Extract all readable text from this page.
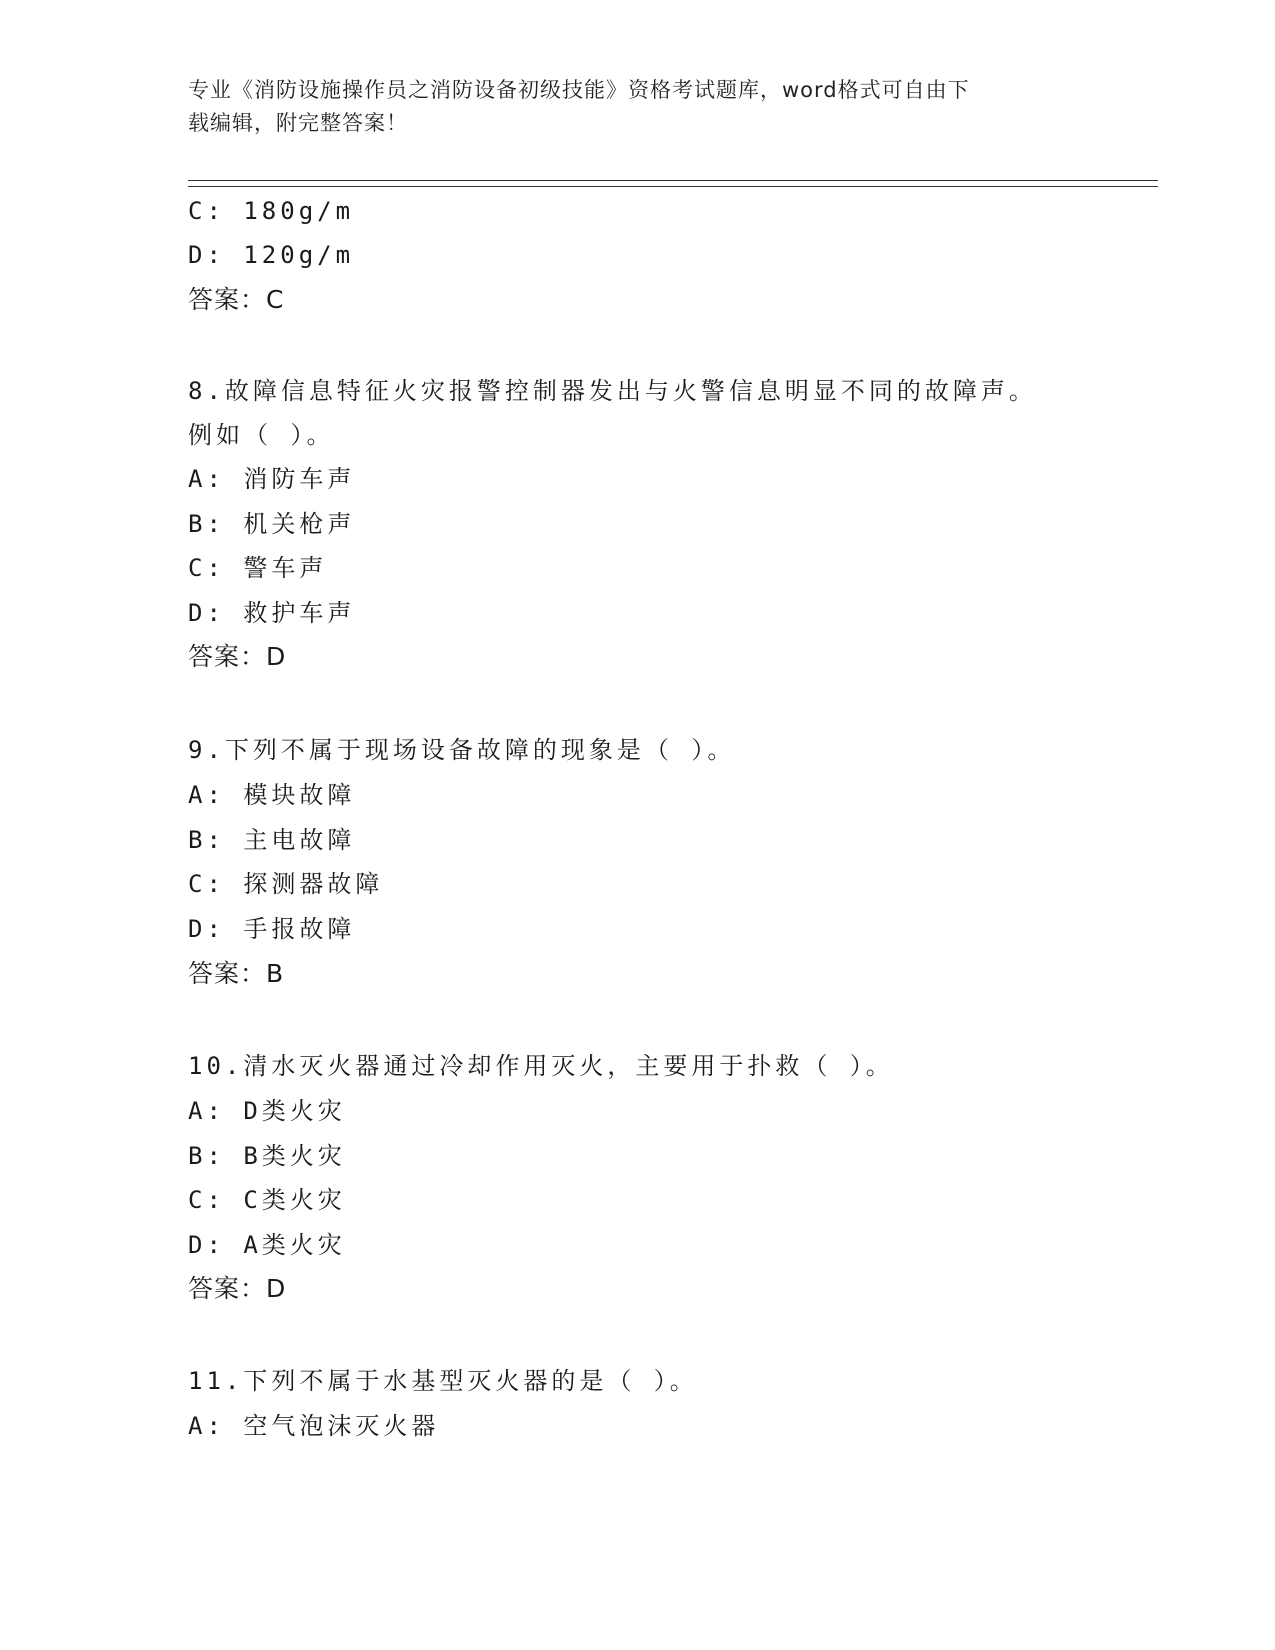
专业《消防设施操作员之消防设备初级技能》资格考试题库，word格式可自由下
载编辑，附完整答案！
C: 180g/m
D: 120g/m
答案：C
8.故障信息特征火灾报警控制器发出与火警信息明显不同的故障声。
例如（ ）。
A: 消防车声
B: 机关枪声
C: 警车声
D: 救护车声
答案：D
9.下列不属于现场设备故障的现象是（ ）。
A: 模块故障
B: 主电故障
C: 探测器故障
D: 手报故障
答案：B
10.清水灭火器通过冷却作用灭火，主要用于扑救（ ）。
A: D类火灾
B: B类火灾
C: C类火灾
D: A类火灾
答案：D
11.下列不属于水基型灭火器的是（ ）。
A: 空气泡沫灭火器
